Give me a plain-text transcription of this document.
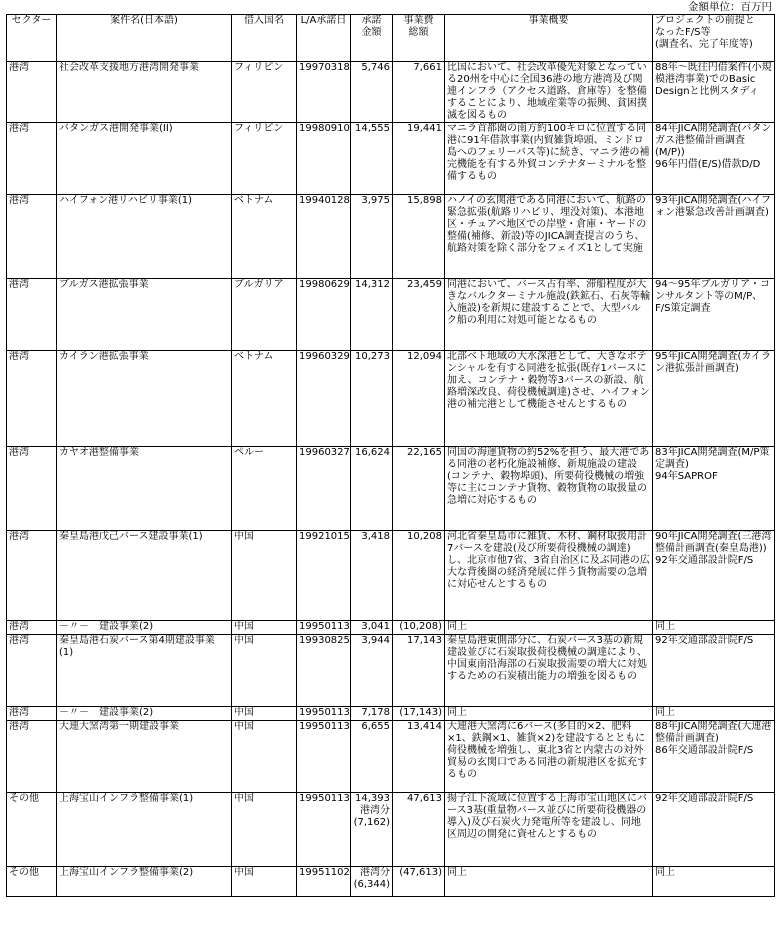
金額単位：百万円
セクター	案件名(日本語)	借入国名	L/A承諾日	承諾
金額	事業費
総額	事業概要	プロジェクトの前提と
なったF/S等
(調査名、完了年度等)

港湾	社会改革支援地方港湾開発事業	フィリピン	19970318	5,746	7,661	比国において、社会改革優先対象となっている20州を中心に全国36港の地方港湾及び関連インフラ（アクセス道路、倉庫等）を整備することにより、地域産業等の振興、貧困撲滅を図るもの	88年～既往円借案件(小規模港湾事業)でのBasic Designと比例スタディ

港湾	バタンガス港開発事業(II)	フィリピン	19980910	14,555	19,441	マニラ首都圏の南方約100キロに位置する同港に91年借款事業(内貿雑貨埠頭、ミンドロ島へのフェリーバス等)に続き、マニラ港の補完機能を有する外貿コンテナターミナルを整備するもの	84年JICA開発調査(バタンガス港整備計画調査(M/P))
96年円借(E/S)借款D/D

港湾	ハイフォン港リハビリ事業(1)	ベトナム	19940128	3,975	15,898	ハノイの玄関港である同港において、航路の緊急拡張(航路リハビリ、埋没対策)、本港地区・チュアベ地区での岸壁・倉庫・ヤードの整備(補修、新設)等のJICA調査提言のうち、航路対策を除く部分をフェイズ1として実施	93年JICA開発調査(ハイフォン港緊急改善計画調査)

港湾	ブルガス港拡張事業	ブルガリア	19980629	14,312	23,459	同港において、バース占有率、滞船程度が大きなバルクターミナル施設(鉄鉱石、石灰等輸入施設)を新規に建設することで、大型バルク船の利用に対処可能となるもの	94～95年ブルガリア・コンサルタント等のM/P、F/S策定調査

港湾	カイラン港拡張事業	ベトナム	19960329	10,273	12,094	北部ベト地域の大水深港として、大きなポテンシャルを有する同港を拡張(既存1バースに加え、コンテナ・穀物等3バースの新設、航路増深改良、荷役機械調達)させ、ハイフォン港の補完港として機能させんとするもの	95年JICA開発調査(カイラン港拡張計画調査)

港湾	カヤオ港整備事業	ペルー	19960327	16,624	22,165	同国の海運貨物の約52%を担う、最大港である同港の老朽化施設補修、新規施設の建設(コンテナ、穀物埠頭)、所要荷役機械の増強等に主にコンテナ貨物、穀物貨物の取扱量の急増に対応するもの	83年JICA開発調査(M/P策定調査)
94年SAPROF

港湾	秦皇島港戊己バース建設事業(1)	中国	19921015	3,418	10,208	河北省秦皇島市に雑貨、木材、鋼材取扱用計7バースを建設(及び所要荷役機械の調達)し、北京市他7省、3省自治区に及ぶ同港の広大な背後圏の経済発展に伴う貨物需要の急増に対応せんとするもの	90年JICA開発調査(三港湾整備計画調査(秦皇島港))
92年交通部設計院F/S

港湾	－〃－　建設事業(2)	中国	19950113	3,041	(10,208)	同上	同上

港湾	秦皇島港石炭バース第4期建設事業(1)	中国	19930825	3,944	17,143	秦皇島港東側部分に、石炭バース3基の新規建設並びに石炭取扱荷役機械の調達により、中国東南沿海部の石炭取扱需要の増大に対処するための石炭積出能力の増強を図るもの	92年交通部設計院F/S

港湾	－〃－　建設事業(2)	中国	19950113	7,178	(17,143)	同上	同上

港湾	大連大窯湾第一期建設事業	中国	19950113	6,655	13,414	大連港大窯湾に6バース(多目的×2、肥料×1、鉄鋼×1、雑貨×2)を建設するとともに荷役機械を増強し、東北3省と内蒙古の対外貿易の玄関口である同港の新規港区を拡充するもの	88年JICA開発調査(大連港整備計画調査)
86年交通部設計院F/S

その他	上海宝山インフラ整備事業(1)	中国	19950113	14,393
港湾分
(7,162)	47,613	揚子江下流域に位置する上海市宝山地区にバース3基(重量物バース並びに所要荷役機器の導入)及び石炭火力発電所等を建設し、同地区周辺の開発に資せんとするもの	92年交通部設計院F/S

その他	上海宝山インフラ整備事業(2)	中国	19951102	港湾分
(6,344)	(47,613)	同上	同上
